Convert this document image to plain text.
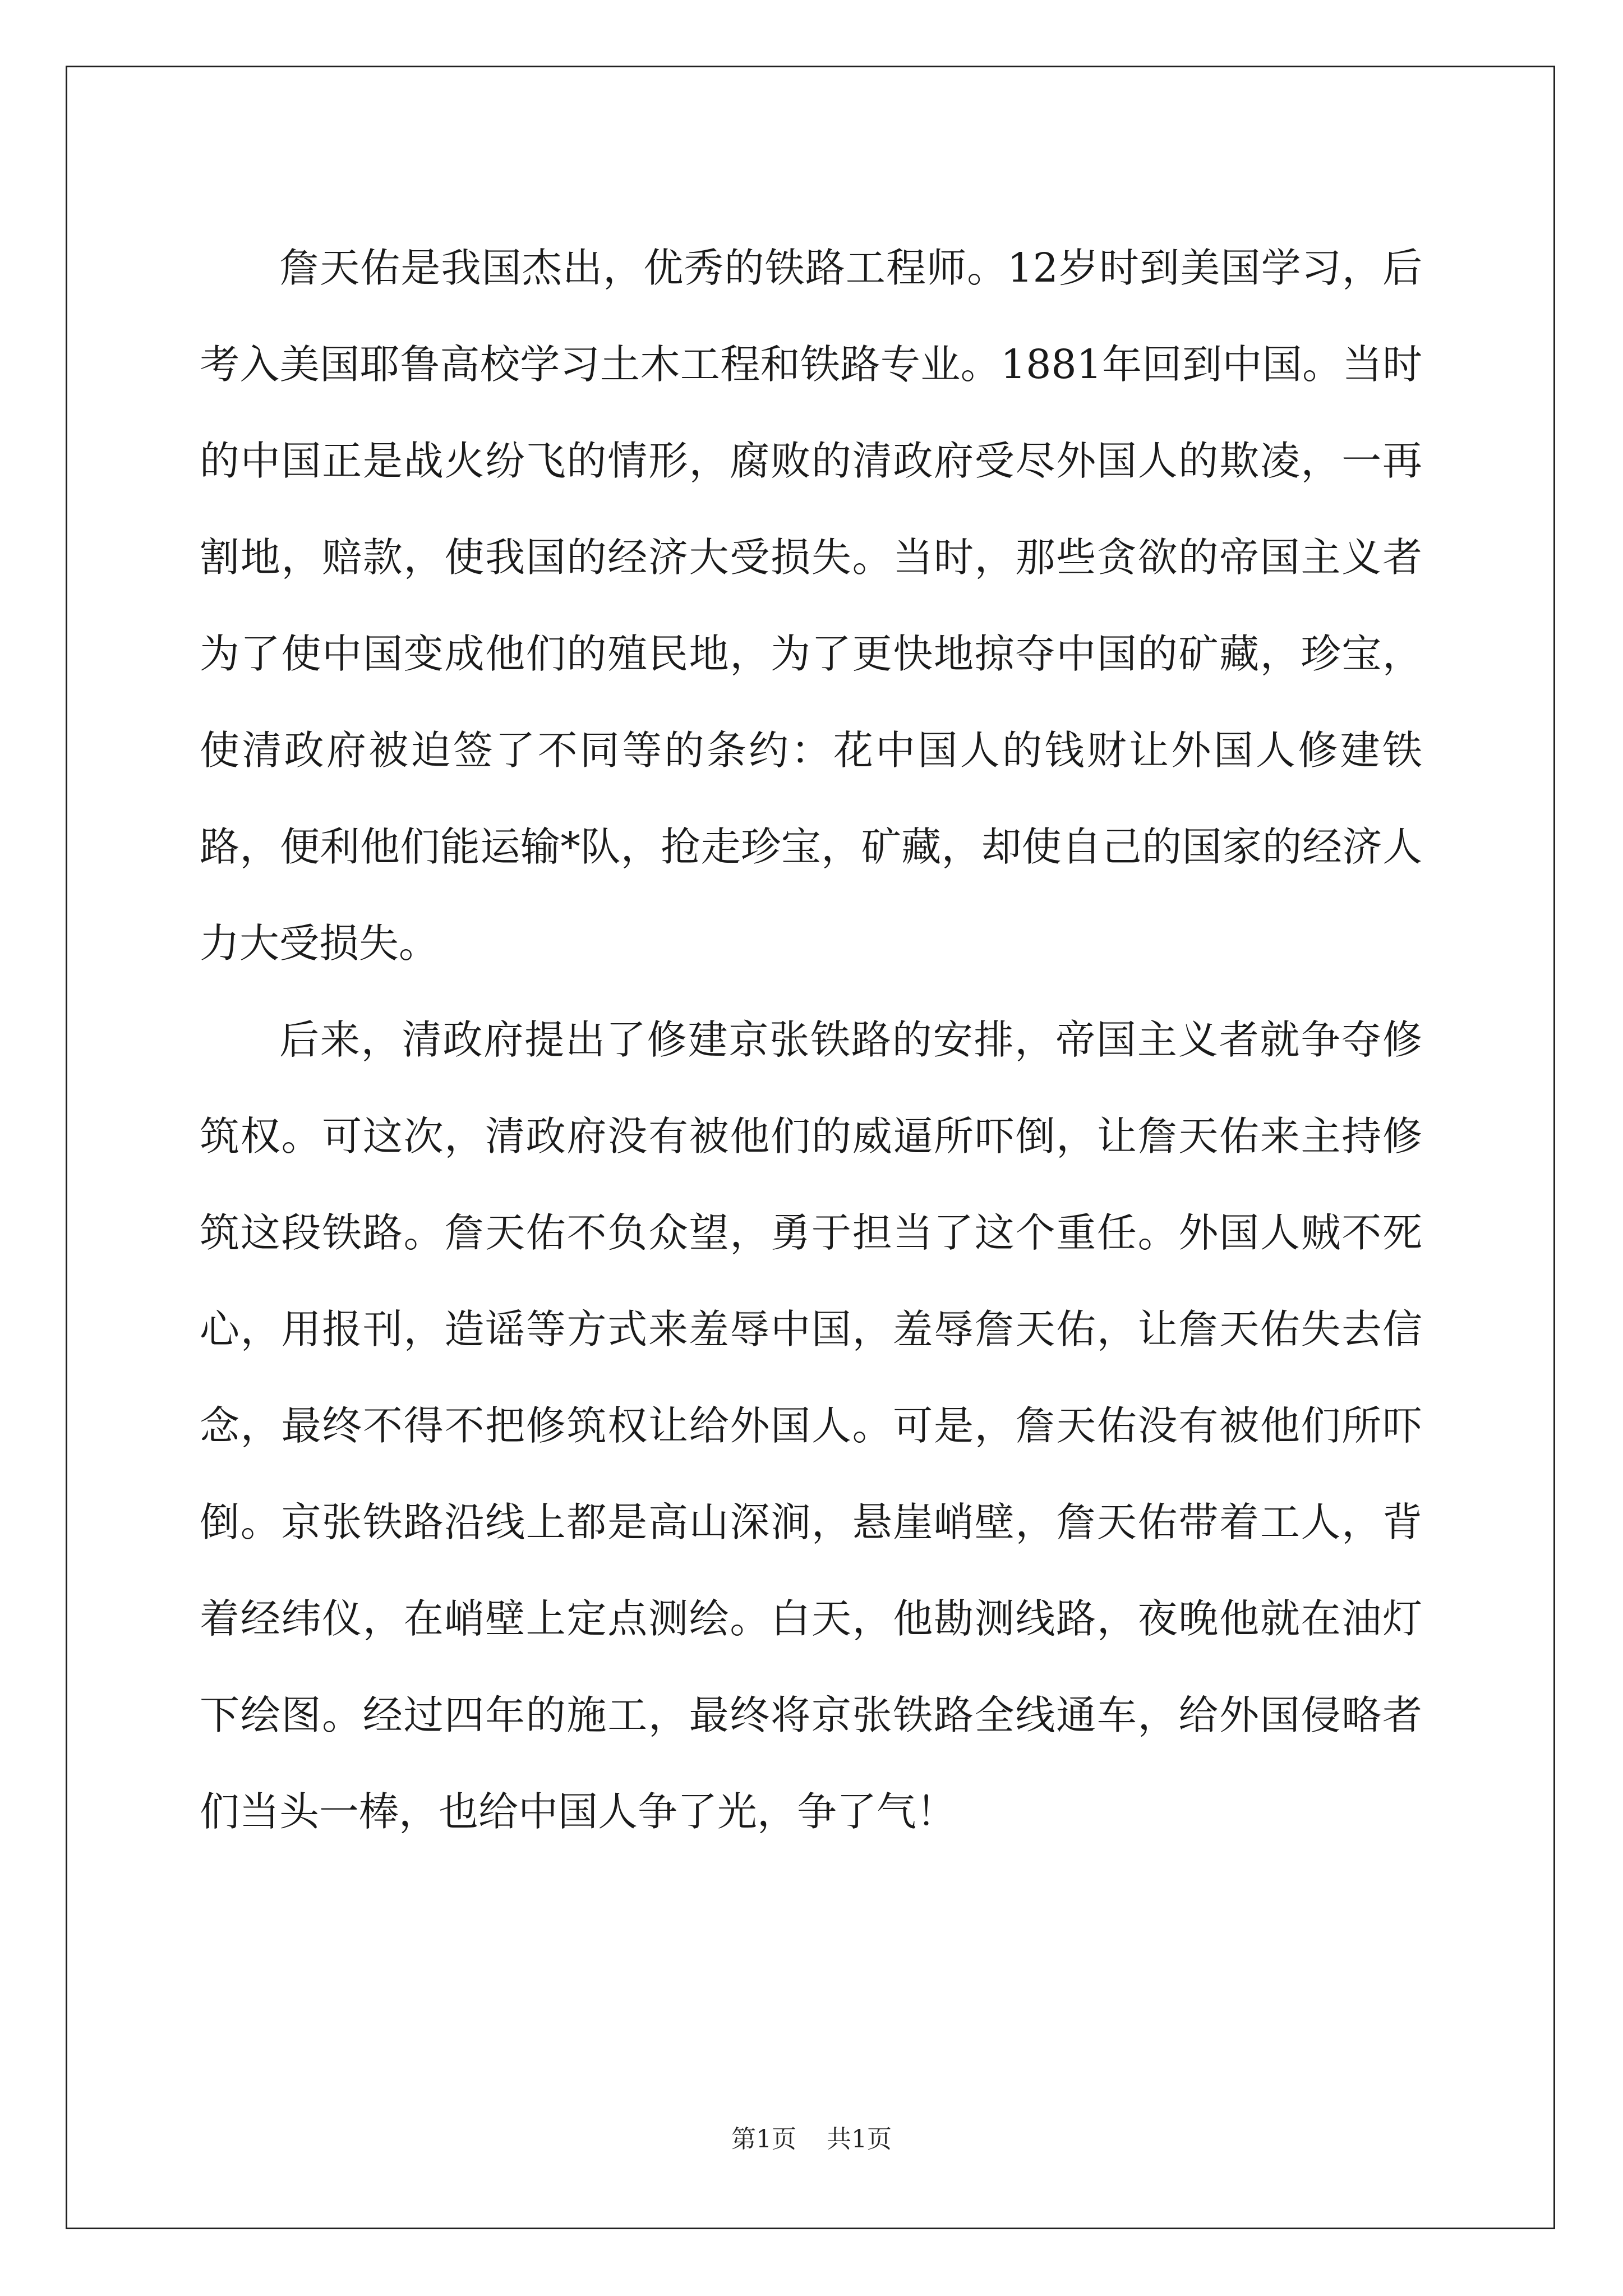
詹天佑是我国杰出，优秀的铁路工程师。12岁时到美国学习，后考入美国耶鲁高校学习土木工程和铁路专业。1881年回到中国。当时的中国正是战火纷飞的情形，腐败的清政府受尽外国人的欺凌，一再割地，赔款，使我国的经济大受损失。当时，那些贪欲的帝国主义者为了使中国变成他们的殖民地，为了更快地掠夺中国的矿藏，珍宝，使清政府被迫签了不同等的条约：花中国人的钱财让外国人修建铁路，便利他们能运输*队，抢走珍宝，矿藏，却使自己的国家的经济人力大受损失。

后来，清政府提出了修建京张铁路的安排，帝国主义者就争夺修筑权。可这次，清政府没有被他们的威逼所吓倒，让詹天佑来主持修筑这段铁路。詹天佑不负众望，勇于担当了这个重任。外国人贼不死心，用报刊，造谣等方式来羞辱中国，羞辱詹天佑，让詹天佑失去信念，最终不得不把修筑权让给外国人。可是，詹天佑没有被他们所吓倒。京张铁路沿线上都是高山深涧，悬崖峭壁，詹天佑带着工人，背着经纬仪，在峭壁上定点测绘。白天，他勘测线路，夜晚他就在油灯下绘图。经过四年的施工，最终将京张铁路全线通车，给外国侵略者们当头一棒，也给中国人争了光，争了气！

第1页 共1页
